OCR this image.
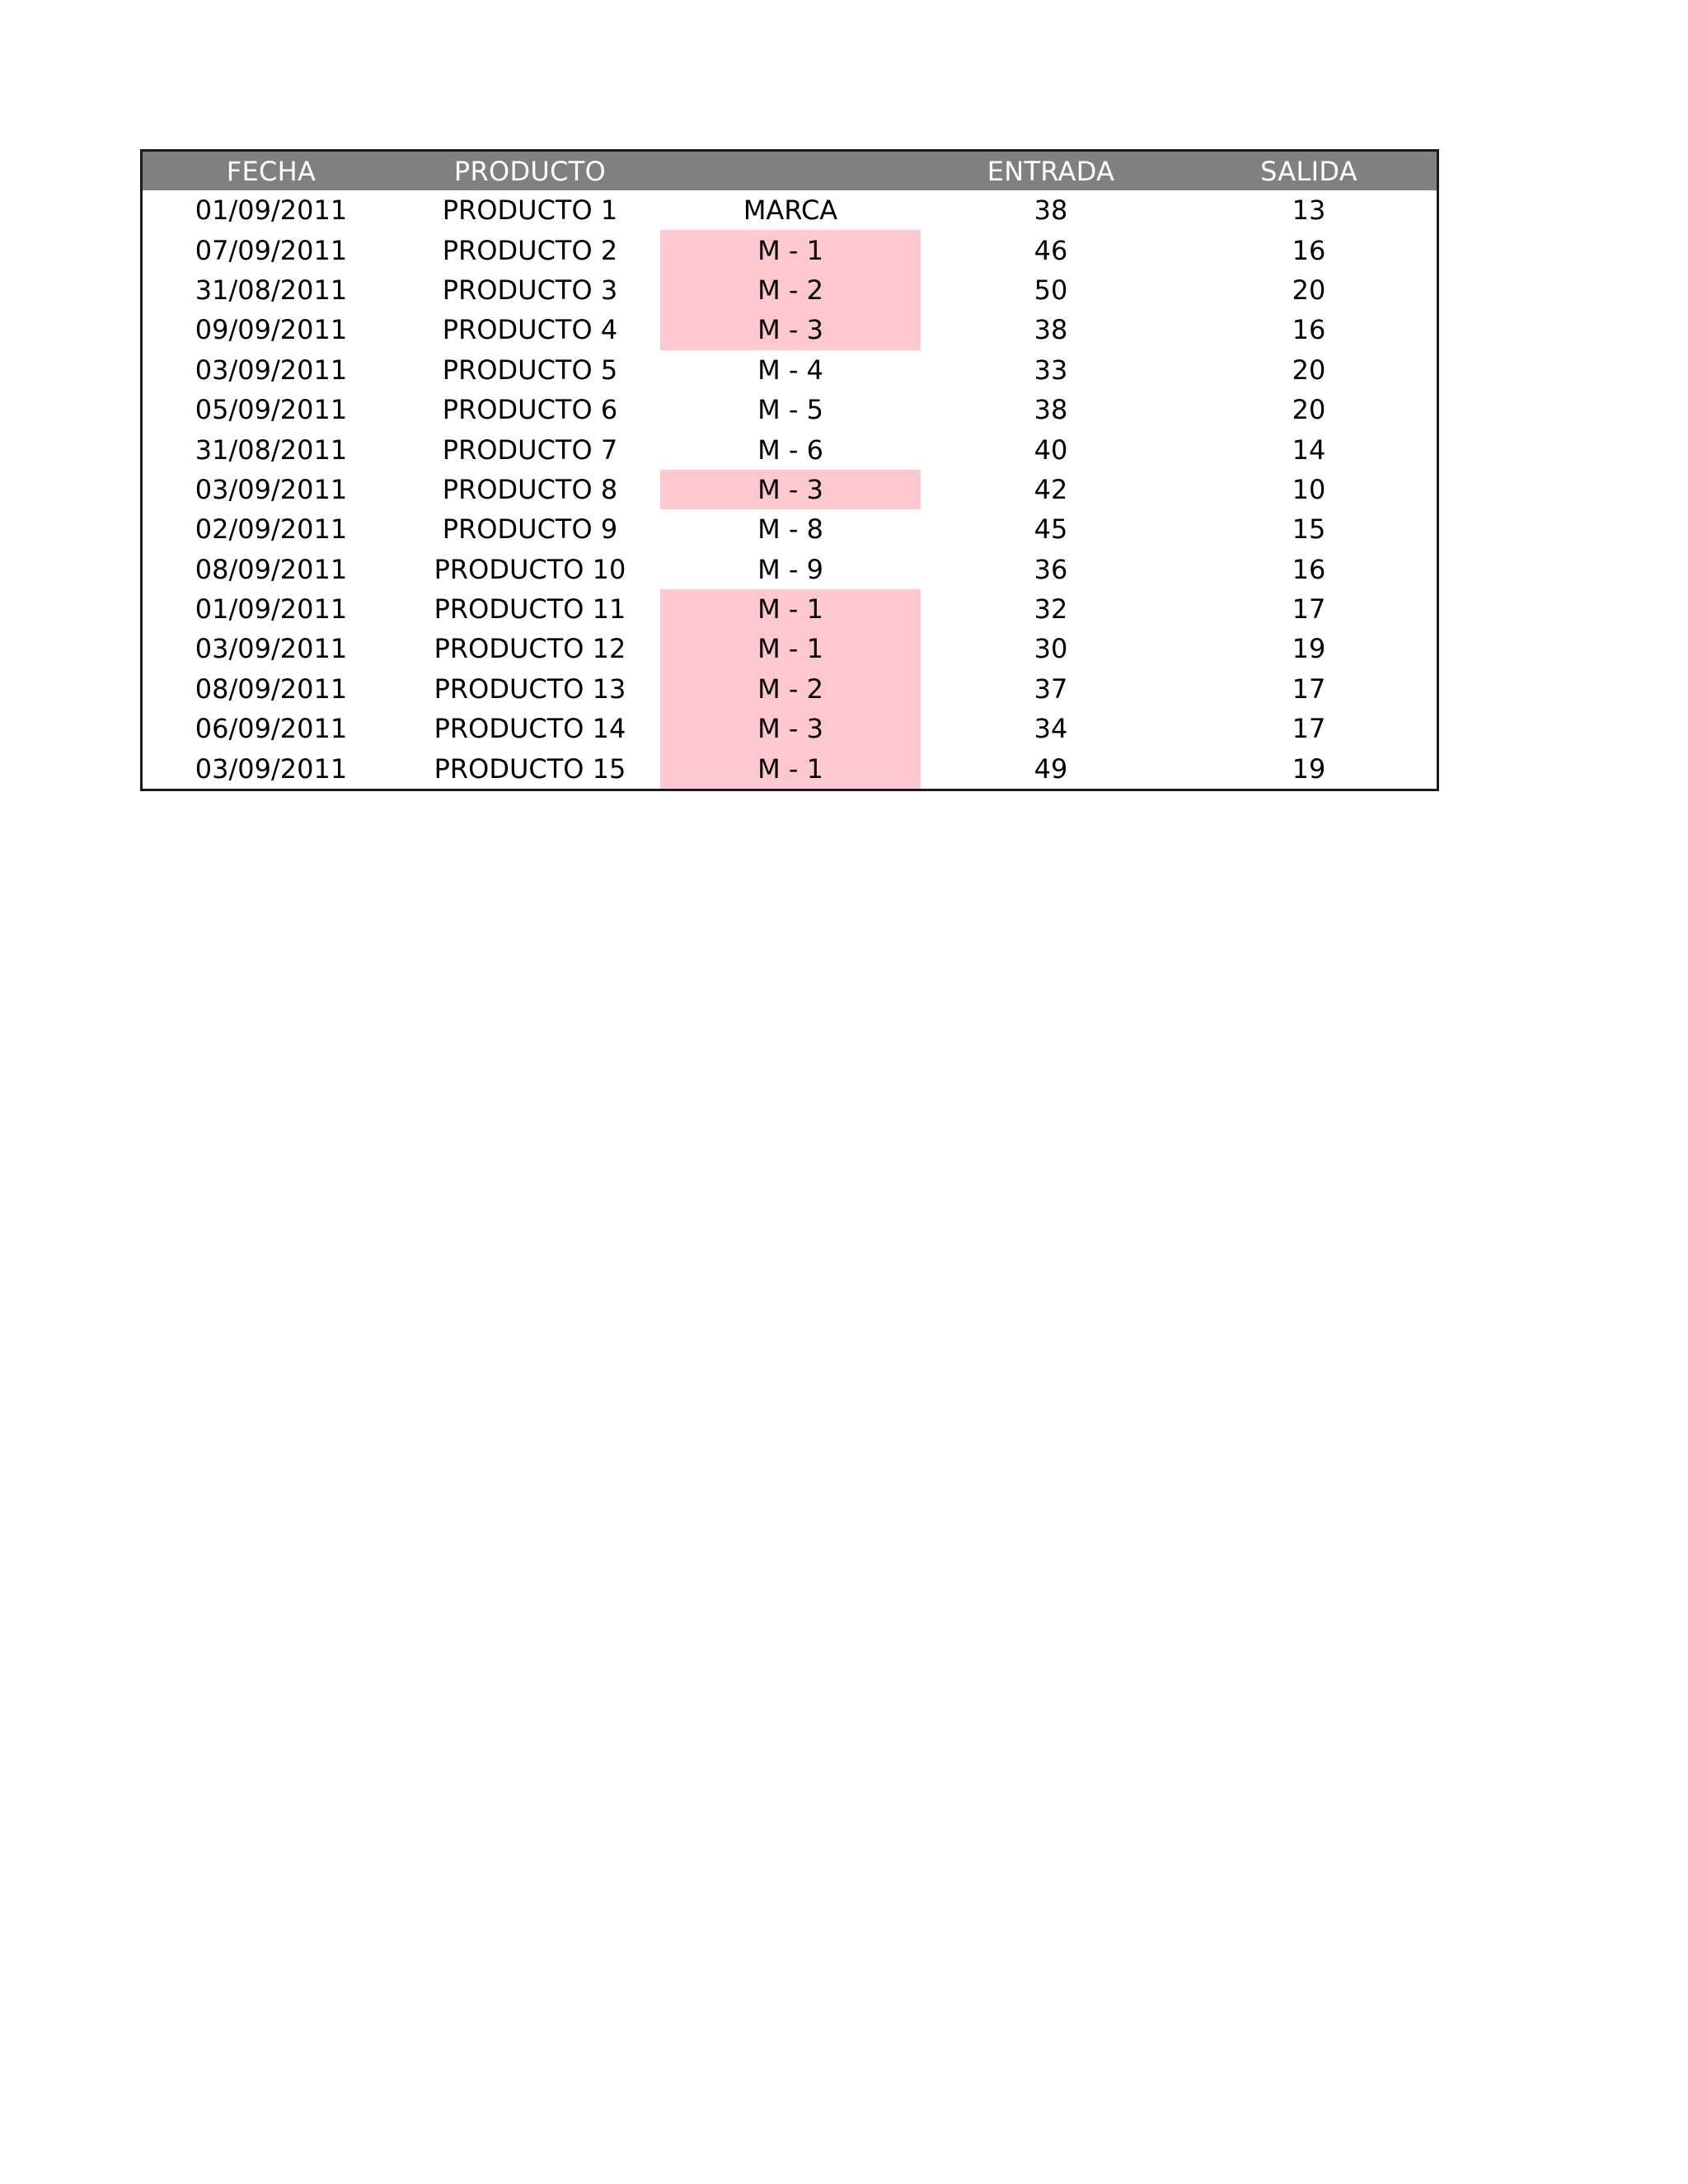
FECHA	PRODUCTO		ENTRADA	SALIDA
01/09/2011	PRODUCTO 1	MARCA	38	13
07/09/2011	PRODUCTO 2	M - 1	46	16
31/08/2011	PRODUCTO 3	M - 2	50	20
09/09/2011	PRODUCTO 4	M - 3	38	16
03/09/2011	PRODUCTO 5	M - 4	33	20
05/09/2011	PRODUCTO 6	M - 5	38	20
31/08/2011	PRODUCTO 7	M - 6	40	14
03/09/2011	PRODUCTO 8	M - 3	42	10
02/09/2011	PRODUCTO 9	M - 8	45	15
08/09/2011	PRODUCTO 10	M - 9	36	16
01/09/2011	PRODUCTO 11	M - 1	32	17
03/09/2011	PRODUCTO 12	M - 1	30	19
08/09/2011	PRODUCTO 13	M - 2	37	17
06/09/2011	PRODUCTO 14	M - 3	34	17
03/09/2011	PRODUCTO 15	M - 1	49	19
